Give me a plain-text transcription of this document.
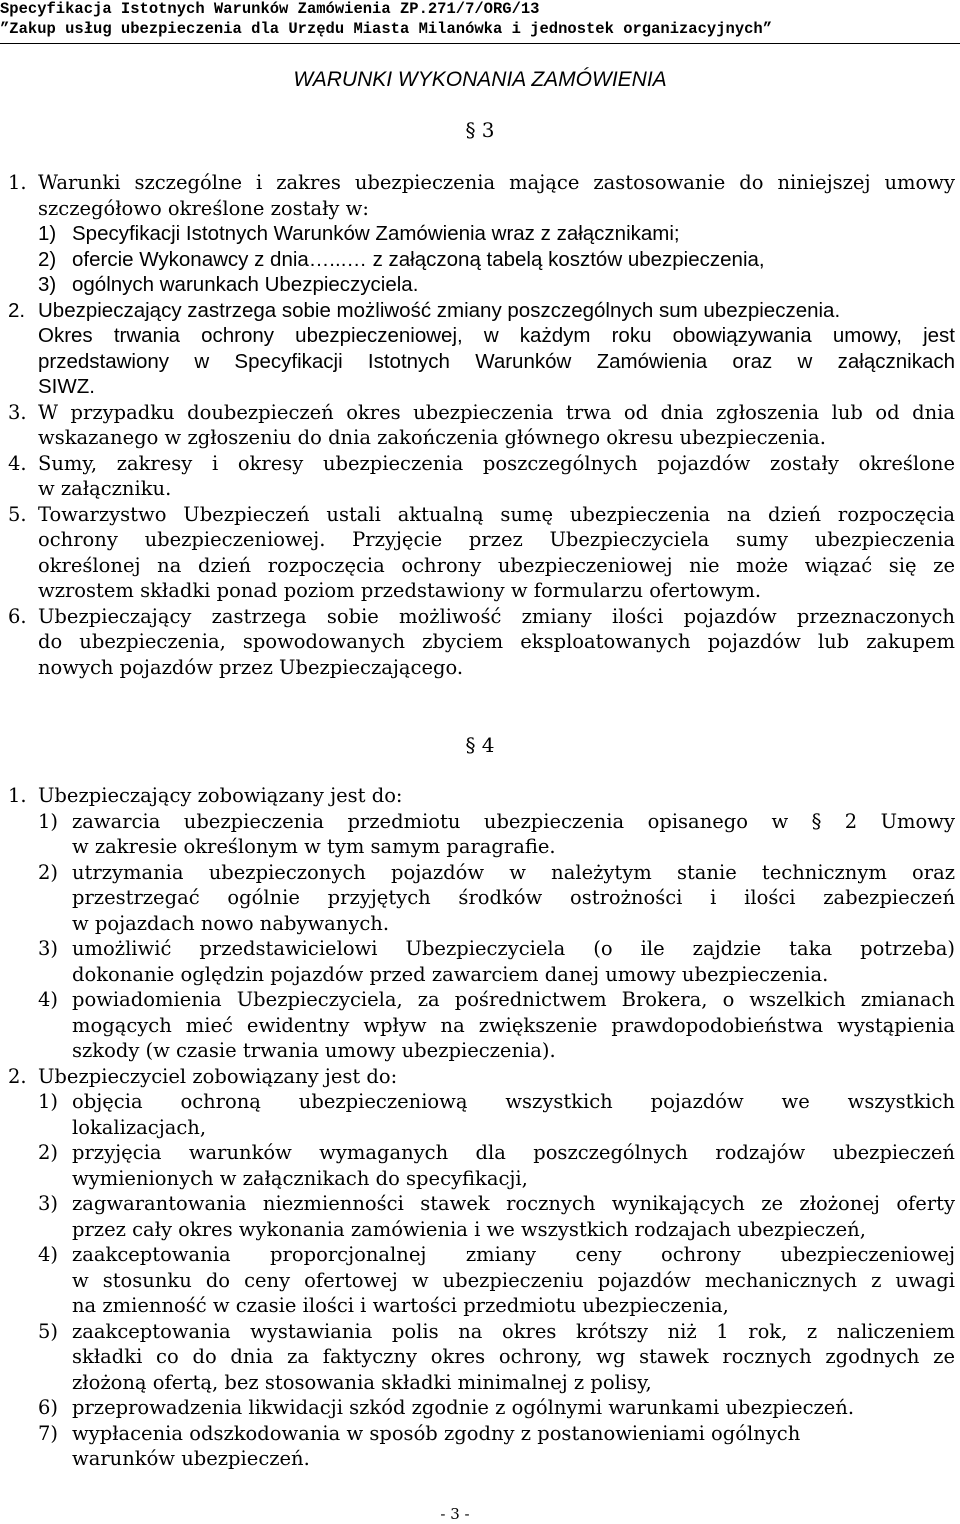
Specyfikacja Istotnych Warunków Zamówienia ZP.271/7/ORG/13
”Zakup usług ubezpieczenia dla Urzędu Miasta Milanówka i jednostek organizacyjnych”
WARUNKI WYKONANIA ZAMÓWIENIA
§ 3
1. Warunki szczególne i zakres ubezpieczenia mające zastosowanie do niniejszej umowy
szczegółowo określone zostały w:
1) Specyfikacji Istotnych Warunków Zamówienia wraz z załącznikami;
2) ofercie Wykonawcy z dnia…...… z załączoną tabelą kosztów ubezpieczenia,
3) ogólnych warunkach Ubezpieczyciela.
2. Ubezpieczający zastrzega sobie możliwość zmiany poszczególnych sum ubezpieczenia.
Okres trwania ochrony ubezpieczeniowej, w każdym roku obowiązywania umowy, jest
przedstawiony w Specyfikacji Istotnych Warunków Zamówienia oraz w załącznikach
SIWZ.
3. W przypadku doubezpieczeń okres ubezpieczenia trwa od dnia zgłoszenia lub od dnia
wskazanego w zgłoszeniu do dnia zakończenia głównego okresu ubezpieczenia.
4. Sumy, zakresy i okresy ubezpieczenia poszczególnych pojazdów zostały określone
w załączniku.
5. Towarzystwo Ubezpieczeń ustali aktualną sumę ubezpieczenia na dzień rozpoczęcia
ochrony ubezpieczeniowej. Przyjęcie przez Ubezpieczyciela sumy ubezpieczenia
określonej na dzień rozpoczęcia ochrony ubezpieczeniowej nie może wiązać się ze
wzrostem składki ponad poziom przedstawiony w formularzu ofertowym.
6. Ubezpieczający zastrzega sobie możliwość zmiany ilości pojazdów przeznaczonych
do ubezpieczenia, spowodowanych zbyciem eksploatowanych pojazdów lub zakupem
nowych pojazdów przez Ubezpieczającego.
§ 4
1. Ubezpieczający zobowiązany jest do:
1) zawarcia ubezpieczenia przedmiotu ubezpieczenia opisanego w § 2 Umowy
w zakresie określonym w tym samym paragrafie.
2) utrzymania ubezpieczonych pojazdów w należytym stanie technicznym oraz
przestrzegać ogólnie przyjętych środków ostrożności i ilości zabezpieczeń
w pojazdach nowo nabywanych.
3) umożliwić przedstawicielowi Ubezpieczyciela (o ile zajdzie taka potrzeba)
dokonanie oględzin pojazdów przed zawarciem danej umowy ubezpieczenia.
4) powiadomienia Ubezpieczyciela, za pośrednictwem Brokera, o wszelkich zmianach
mogących mieć ewidentny wpływ na zwiększenie prawdopodobieństwa wystąpienia
szkody (w czasie trwania umowy ubezpieczenia).
2. Ubezpieczyciel zobowiązany jest do:
1) objęcia ochroną ubezpieczeniową wszystkich pojazdów we wszystkich
lokalizacjach,
2) przyjęcia warunków wymaganych dla poszczególnych rodzajów ubezpieczeń
wymienionych w załącznikach do specyfikacji,
3) zagwarantowania niezmienności stawek rocznych wynikających ze złożonej oferty
przez cały okres wykonania zamówienia i we wszystkich rodzajach ubezpieczeń,
4) zaakceptowania proporcjonalnej zmiany ceny ochrony ubezpieczeniowej
w stosunku do ceny ofertowej w ubezpieczeniu pojazdów mechanicznych z uwagi
na zmienność w czasie ilości i wartości przedmiotu ubezpieczenia,
5) zaakceptowania wystawiania polis na okres krótszy niż 1 rok, z naliczeniem
składki co do dnia za faktyczny okres ochrony, wg stawek rocznych zgodnych ze
złożoną ofertą, bez stosowania składki minimalnej z polisy,
6) przeprowadzenia likwidacji szkód zgodnie z ogólnymi warunkami ubezpieczeń.
7) wypłacenia odszkodowania w sposób zgodny z postanowieniami ogólnych
warunków ubezpieczeń.
- 3 -
